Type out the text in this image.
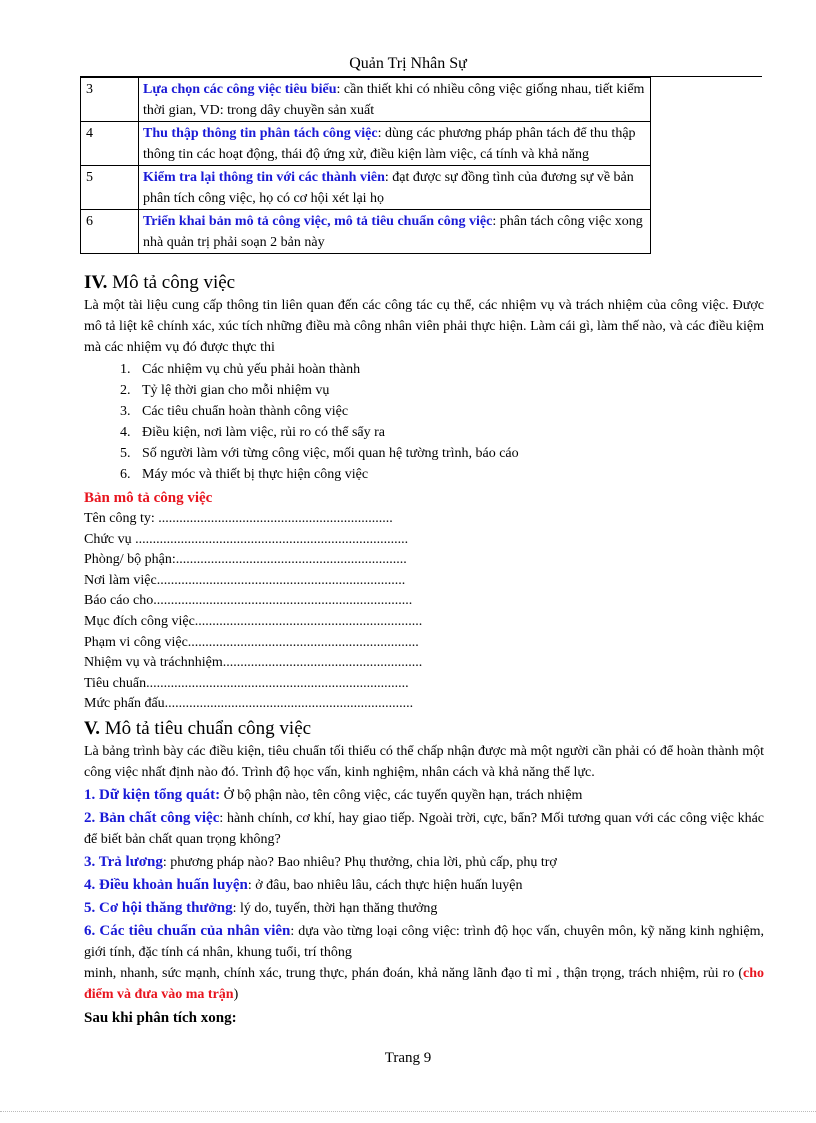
Quản Trị Nhân Sự
3	Lựa chọn các công việc tiêu biểu: cần thiết khi có nhiều công việc giống nhau, tiết kiểm thời gian, VD: trong dây chuyền sản xuất
4	Thu thập thông tin phân tách công việc: dùng các phương pháp phân tách để thu thập thông tin các hoạt động, thái độ ứng xử, điều kiện làm việc, cá tính và khả năng
5	Kiểm tra lại thông tin với các thành viên: đạt được sự đồng tình của đương sự về bản phân tích công việc, họ có cơ hội xét lại họ
6	Triển khai bản mô tả công việc, mô tả tiêu chuẩn công việc: phân tách công việc xong nhà quản trị phải soạn 2 bản này
IV. Mô tả công việc

Là một tài liệu cung cấp thông tin liên quan đến các công tác cụ thể, các nhiệm vụ và trách nhiệm của công việc. Được mô tả liệt kê chính xác, xúc tích những điều mà công nhân viên phải thực hiện. Làm cái gì, làm thế nào, và các điều kiệm mà các nhiệm vụ đó được thực thi

1. Các nhiệm vụ chủ yếu phải hoàn thành
2. Tỷ lệ thời gian cho mỗi nhiệm vụ
3. Các tiêu chuẩn hoàn thành công việc
4. Điều kiện, nơi làm việc, rủi ro có thể sẩy ra
5. Số người làm với từng công việc, mối quan hệ tường trình, báo cáo
6. Máy móc và thiết bị thực hiện công việc
Bản mô tả công việc
Tên công ty: ...................................................................
Chức vụ ..............................................................................
Phòng/ bộ phận:..................................................................
Nơi làm việc.......................................................................
Báo cáo cho..........................................................................
Mục đích công việc.................................................................
Phạm vi công việc..................................................................
Nhiệm vụ và tráchnhiệm.........................................................
Tiêu chuẩn...........................................................................
Mức phấn đấu.......................................................................
V. Mô tả tiêu chuẩn công việc

Là bảng trình bày các điều kiện, tiêu chuẩn tối thiểu có thể chấp nhận được mà một người cần phải có để hoàn thành một công việc nhất định nào đó. Trình độ học vấn, kinh nghiệm, nhân cách và khả năng thể lực.

1. Dữ kiện tổng quát: Ở bộ phận nào, tên công việc, các tuyến quyền hạn, trách nhiệm

2. Bản chất công việc: hành chính, cơ khí, hay giao tiếp. Ngoài trời, cực, bẩn? Mối tương quan với các công việc khác để biết bản chất quan trọng không?

3. Trả lương: phương pháp nào? Bao nhiêu? Phụ thưởng, chia lời, phủ cấp, phụ trợ

4. Điều khoản huấn luyện: ở đâu, bao nhiêu lâu, cách thực hiện huấn luyện

5. Cơ hội thăng thưởng: lý do, tuyến, thời hạn thăng thưởng

6. Các tiêu chuẩn của nhân viên: dựa vào từng loại công việc: trình độ học vấn, chuyên môn, kỹ năng kinh nghiệm, giới tính, đặc tính cá nhân, khung tuổi, trí thông

minh, nhanh, sức mạnh, chính xác, trung thực, phán đoán, khả năng lãnh đạo tỉ mỉ , thận trọng, trách nhiệm, rủi ro (cho điểm và đưa vào ma trận)

Sau khi phân tích xong:
Trang 9
